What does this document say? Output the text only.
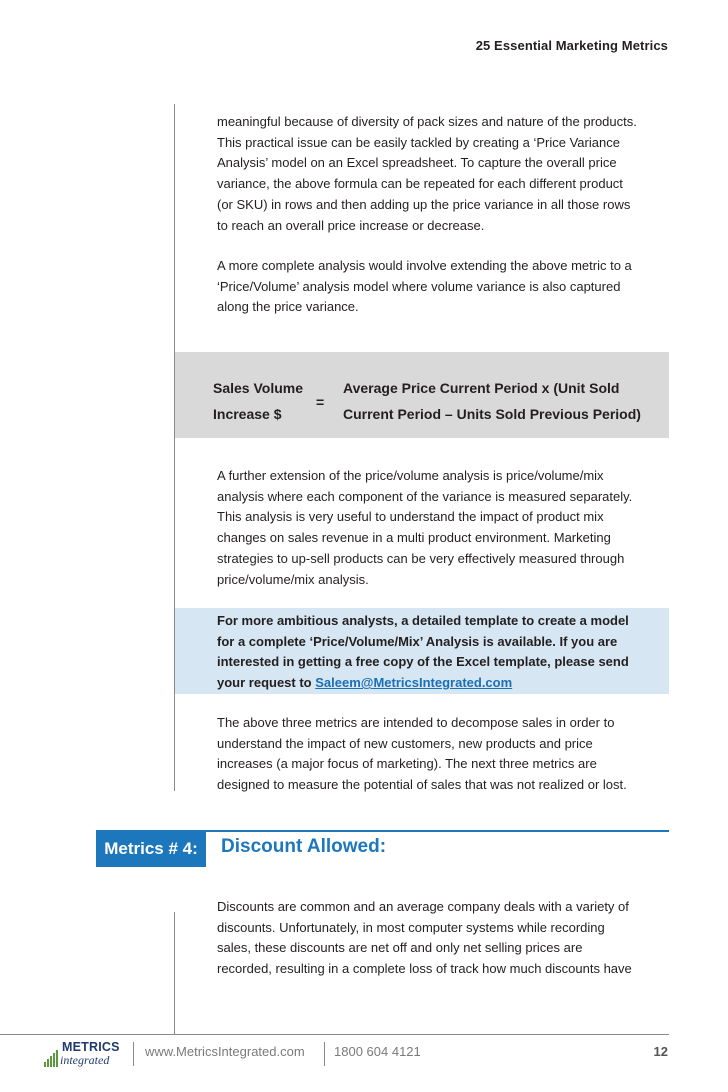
25 Essential Marketing Metrics

meaningful because of diversity of pack sizes and nature of the products. This practical issue can be easily tackled by creating a ‘Price Variance Analysis’ model on an Excel spreadsheet. To capture the overall price variance, the above formula can be repeated for each different product (or SKU) in rows and then adding up the price variance in all those rows to reach an overall price increase or decrease.

A more complete analysis would involve extending the above metric to a ‘Price/Volume’ analysis model where volume variance is also captured along the price variance.

Sales Volume
Increase $
=
Average Price Current Period x (Unit Sold
Current Period – Units Sold Previous Period)

A further extension of the price/volume analysis is price/volume/mix analysis where each component of the variance is measured separately. This analysis is very useful to understand the impact of product mix changes on sales revenue in a multi product environment. Marketing strategies to up-sell products can be very effectively measured through price/volume/mix analysis.

For more ambitious analysts, a detailed template to create a model for a complete ‘Price/Volume/Mix’ Analysis is available. If you are interested in getting a free copy of the Excel template, please send your request to Saleem@MetricsIntegrated.com

The above three metrics are intended to decompose sales in order to understand the impact of new customers, new products and price increases (a major focus of marketing). The next three metrics are designed to measure the potential of sales that was not realized or lost.

Metrics # 4:	Discount Allowed:

Discounts are common and an average company deals with a variety of discounts. Unfortunately, in most computer systems while recording sales, these discounts are net off and only net selling prices are recorded, resulting in a complete loss of track how much discounts have

METRICS
integrated
www.MetricsIntegrated.com 1800 604 4121	12
